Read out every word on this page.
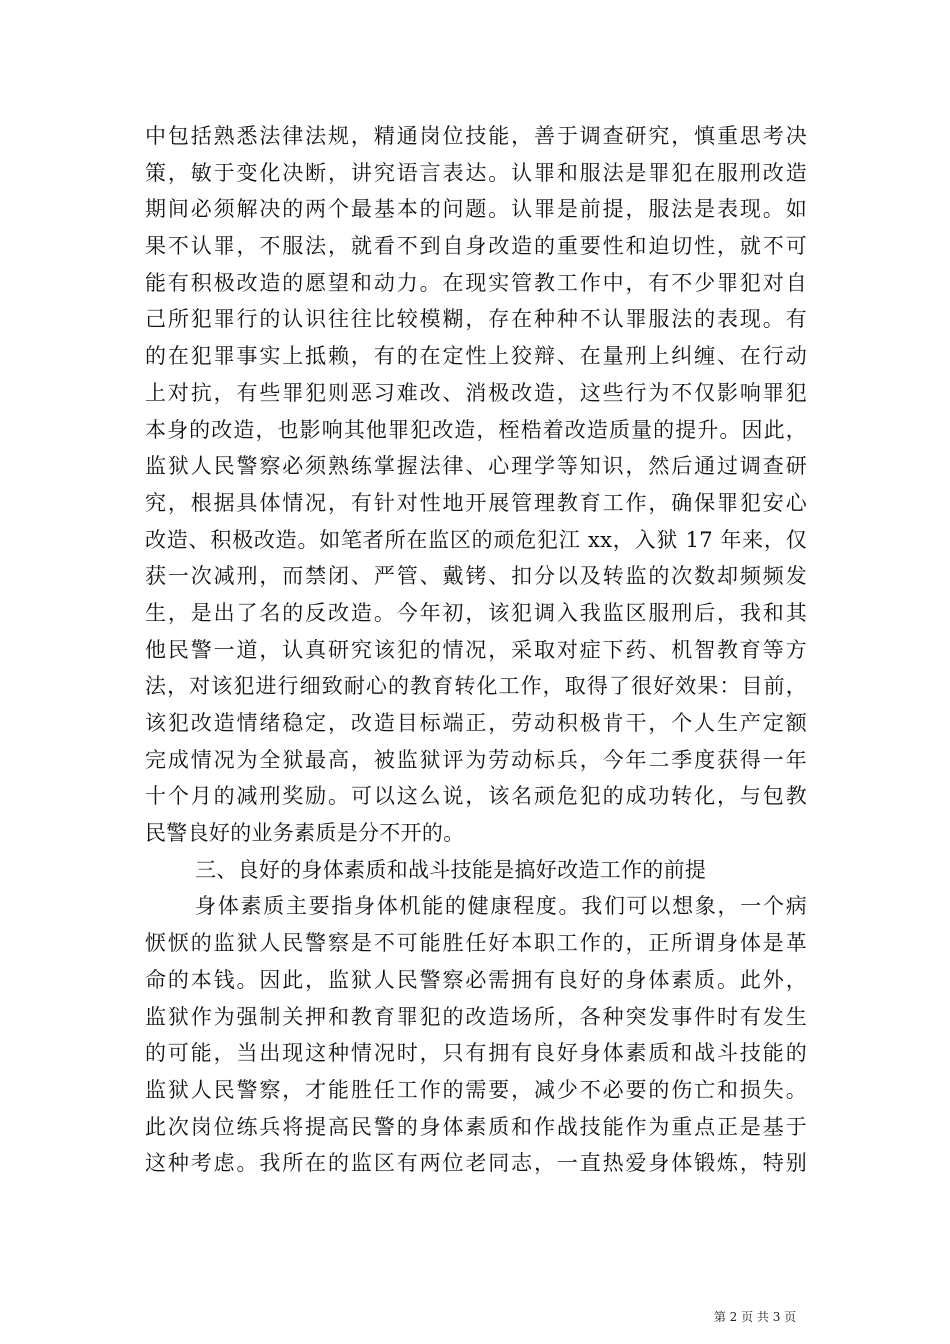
中包括熟悉法律法规，精通岗位技能，善于调查研究，慎重思考决
策，敏于变化决断，讲究语言表达。认罪和服法是罪犯在服刑改造
期间必须解决的两个最基本的问题。认罪是前提，服法是表现。如
果不认罪，不服法，就看不到自身改造的重要性和迫切性，就不可
能有积极改造的愿望和动力。在现实管教工作中，有不少罪犯对自
己所犯罪行的认识往往比较模糊，存在种种不认罪服法的表现。有
的在犯罪事实上抵赖，有的在定性上狡辩、在量刑上纠缠、在行动
上对抗，有些罪犯则恶习难改、消极改造，这些行为不仅影响罪犯
本身的改造，也影响其他罪犯改造，桎梏着改造质量的提升。因此，
监狱人民警察必须熟练掌握法律、心理学等知识，然后通过调查研
究，根据具体情况，有针对性地开展管理教育工作，确保罪犯安心
改造、积极改造。如笔者所在监区的顽危犯江 xx，入狱 17 年来，仅
获一次减刑，而禁闭、严管、戴铐、扣分以及转监的次数却频频发
生，是出了名的反改造。今年初，该犯调入我监区服刑后，我和其
他民警一道，认真研究该犯的情况，采取对症下药、机智教育等方
法，对该犯进行细致耐心的教育转化工作，取得了很好效果：目前，
该犯改造情绪稳定，改造目标端正，劳动积极肯干，个人生产定额
完成情况为全狱最高，被监狱评为劳动标兵，今年二季度获得一年
十个月的减刑奖励。可以这么说，该名顽危犯的成功转化，与包教
民警良好的业务素质是分不开的。
三、良好的身体素质和战斗技能是搞好改造工作的前提
身体素质主要指身体机能的健康程度。我们可以想象，一个病
恹恹的监狱人民警察是不可能胜任好本职工作的，正所谓身体是革
命的本钱。因此，监狱人民警察必需拥有良好的身体素质。此外，
监狱作为强制关押和教育罪犯的改造场所，各种突发事件时有发生
的可能，当出现这种情况时，只有拥有良好身体素质和战斗技能的
监狱人民警察，才能胜任工作的需要，减少不必要的伤亡和损失。
此次岗位练兵将提高民警的身体素质和作战技能作为重点正是基于
这种考虑。我所在的监区有两位老同志，一直热爱身体锻炼，特别
第 2 页 共 3 页
